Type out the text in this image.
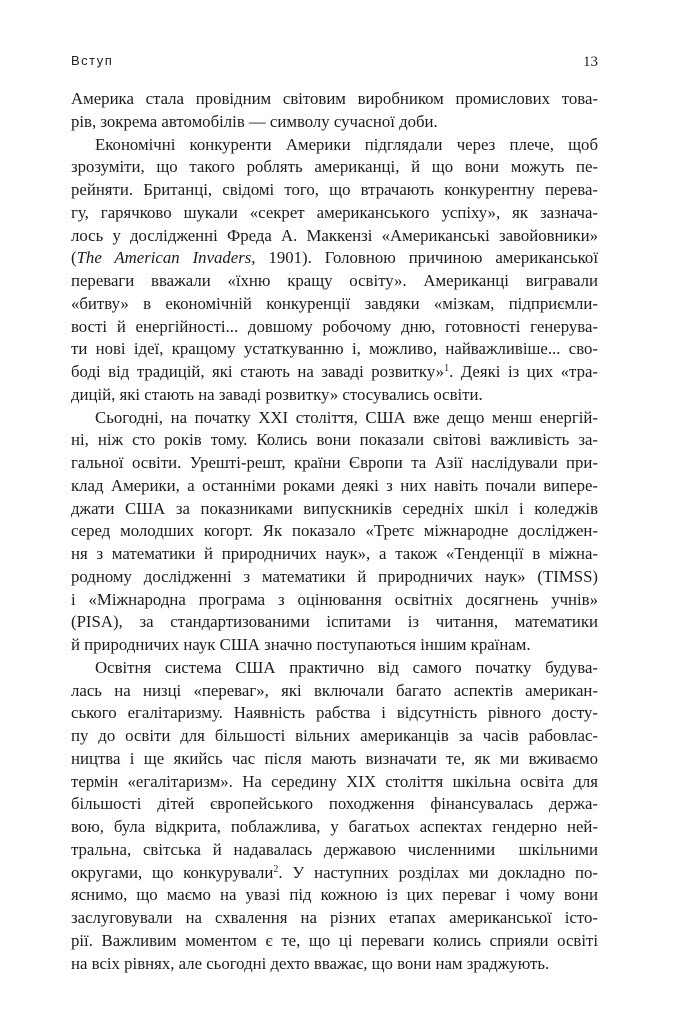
Вступ	13
Америка стала провідним світовим виробником промислових това-
рів, зокрема автомобілів — символу сучасної доби.
Економічні конкуренти Америки підглядали через плече, щоб
зрозуміти, що такого роблять американці, й що вони можуть пе-
рейняти. Британці, свідомі того, що втрачають конкурентну перева-
гу, гарячково шукали «секрет американського успіху», як зазнача-
лось у дослідженні Фреда А. Маккензі «Американські завойовники»
(The American Invaders, 1901). Головною причиною американської
переваги вважали «їхню кращу освіту». Американці вигравали
«битву» в економічній конкуренції завдяки «мізкам, підприємли-
вості й енергійності... довшому робочому дню, готовності генерува-
ти нові ідеї, кращому устаткуванню і, можливо, найважливіше... сво-
боді від традицій, які стають на заваді розвитку»$^1$. Деякі із цих «тра-
дицій, які стають на заваді розвитку» стосувались освіти.
Сьогодні, на початку XXI століття, США вже дещо менш енергій-
ні, ніж сто років тому. Колись вони показали світові важливість за-
гальної освіти. Урешті-решт, країни Європи та Азії наслідували при-
клад Америки, а останніми роками деякі з них навіть почали випере-
джати США за показниками випускників середніх шкіл і коледжів
серед молодших когорт. Як показало «Третє міжнародне досліджен-
ня з математики й природничих наук», а також «Тенденції в міжна-
родному дослідженні з математики й природничих наук» (TIMSS)
і «Міжнародна програма з оцінювання освітніх досягнень учнів»
(PISA), за стандартизованими іспитами із читання, математики
й природничих наук США значно поступаються іншим країнам.
Освітня система США практично від самого початку будува-
лась на низці «переваг», які включали багато аспектів американ-
ського егалітаризму. Наявність рабства і відсутність рівного досту-
пу до освіти для більшості вільних американців за часів рабовлас-
ництва і ще якийсь час після мають визначати те, як ми вживаємо
термін «егалітаризм». На середину XIX століття шкільна освіта для
більшості дітей європейського походження фінансувалась держа-
вою, була відкрита, поблажлива, у багатьох аспектах гендерно ней-
тральна, світська й надавалась державою численними  шкільними
округами, що конкурували$^2$. У наступних розділах ми докладно по-
яснимо, що маємо на увазі під кожною із цих переваг і чому вони
заслуговували на схвалення на різних етапах американської істо-
рії. Важливим моментом є те, що ці переваги колись сприяли освіті
на всіх рівнях, але сьогодні дехто вважає, що вони нам зраджують.
